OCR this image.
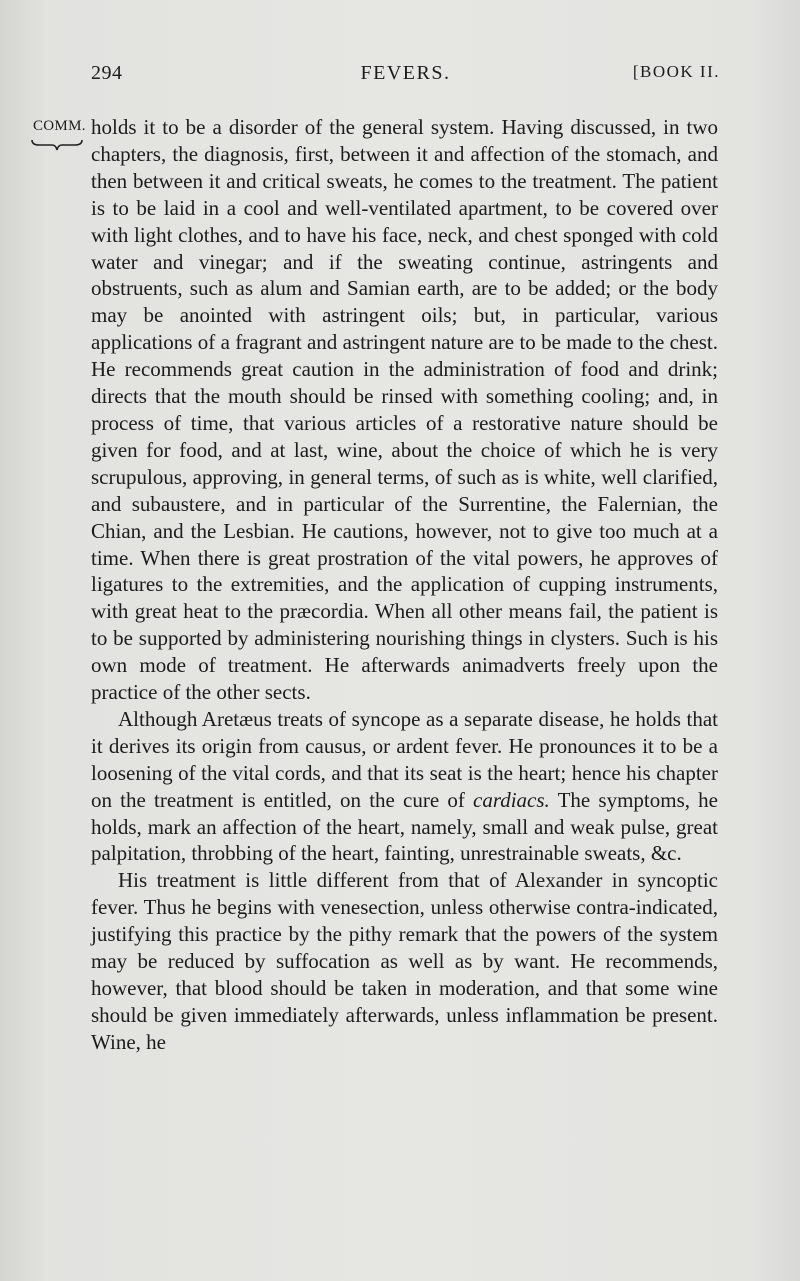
294	FEVERS.	[BOOK II.
COMM. holds it to be a disorder of the general system. Having discussed, in two chapters, the diagnosis, first, between it and affection of the stomach, and then between it and critical sweats, he comes to the treatment. The patient is to be laid in a cool and well-ventilated apartment, to be covered over with light clothes, and to have his face, neck, and chest sponged with cold water and vinegar; and if the sweating continue, astringents and obstruents, such as alum and Samian earth, are to be added; or the body may be anointed with astringent oils; but, in particular, various applications of a fragrant and astringent nature are to be made to the chest. He recommends great caution in the administration of food and drink; directs that the mouth should be rinsed with something cooling; and, in process of time, that various articles of a restorative nature should be given for food, and at last, wine, about the choice of which he is very scrupulous, approving, in general terms, of such as is white, well clarified, and subaustere, and in particular of the Surrentine, the Falernian, the Chian, and the Lesbian. He cautions, however, not to give too much at a time. When there is great prostration of the vital powers, he approves of ligatures to the extremities, and the application of cupping instruments, with great heat to the præcordia. When all other means fail, the patient is to be supported by administering nourishing things in clysters. Such is his own mode of treatment. He afterwards animadverts freely upon the practice of the other sects.

Although Aretæus treats of syncope as a separate disease, he holds that it derives its origin from causus, or ardent fever. He pronounces it to be a loosening of the vital cords, and that its seat is the heart; hence his chapter on the treatment is entitled, on the cure of cardiacs. The symptoms, he holds, mark an affection of the heart, namely, small and weak pulse, great palpitation, throbbing of the heart, fainting, unrestrainable sweats, &c.

His treatment is little different from that of Alexander in syncoptic fever. Thus he begins with venesection, unless otherwise contra-indicated, justifying this practice by the pithy remark that the powers of the system may be reduced by suffocation as well as by want. He recommends, however, that blood should be taken in moderation, and that some wine should be given immediately afterwards, unless inflammation be present. Wine, he
